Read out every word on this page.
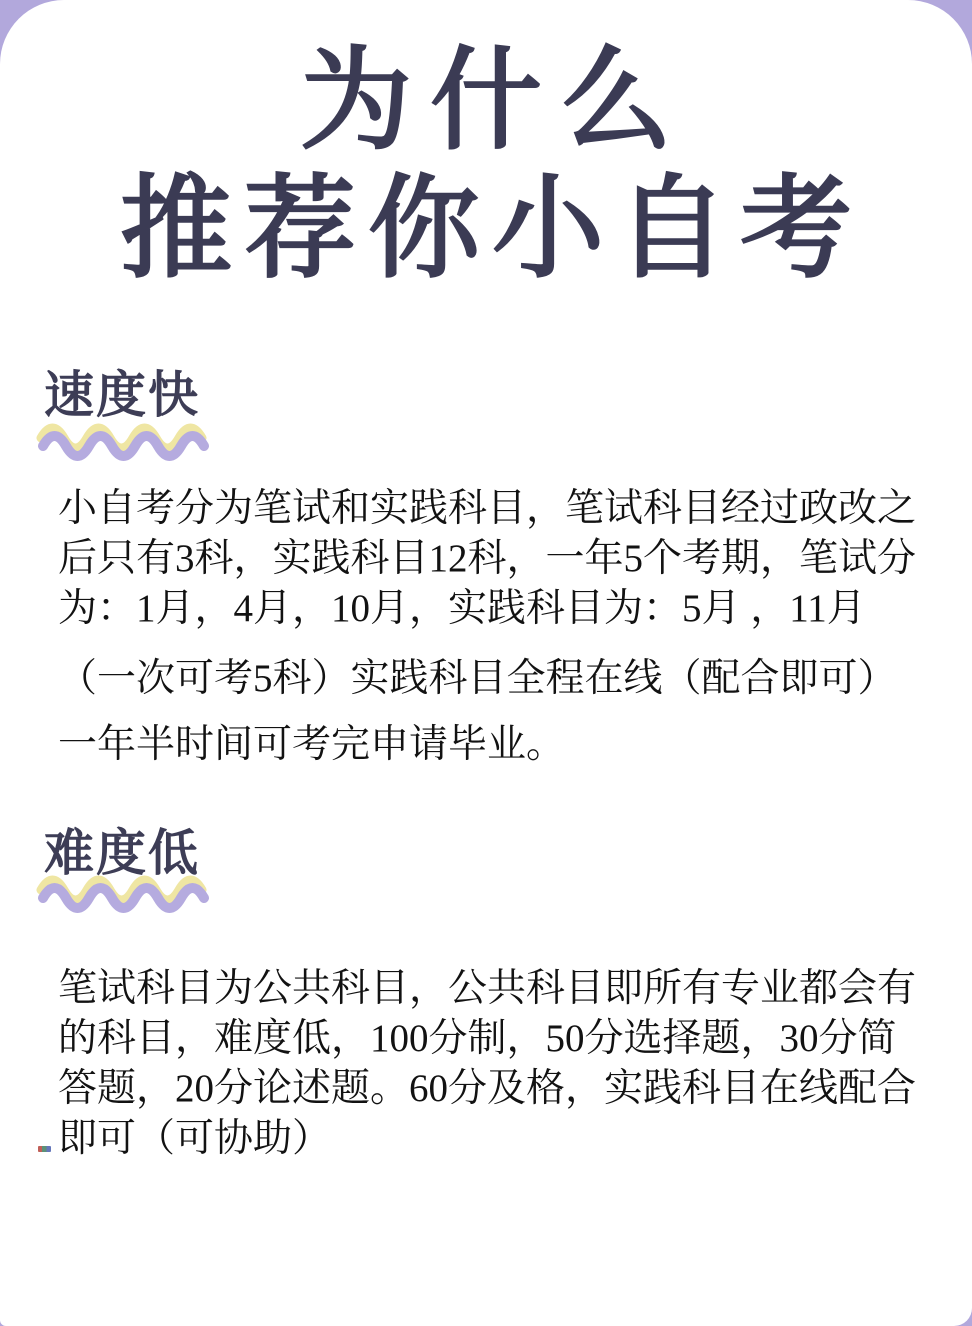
为什么
推荐你小自考
速度快
小自考分为笔试和实践科目，笔试科目经过政改之
后只有3科，实践科目12科，一年5个考期，笔试分
为：1月，4月，10月，实践科目为：5月 ，11月
（一次可考5科）实践科目全程在线（配合即可）
一年半时间可考完申请毕业。
难度低
笔试科目为公共科目，公共科目即所有专业都会有
的科目，难度低，100分制，50分选择题，30分简
答题，20分论述题。60分及格，实践科目在线配合
即可（可协助）
